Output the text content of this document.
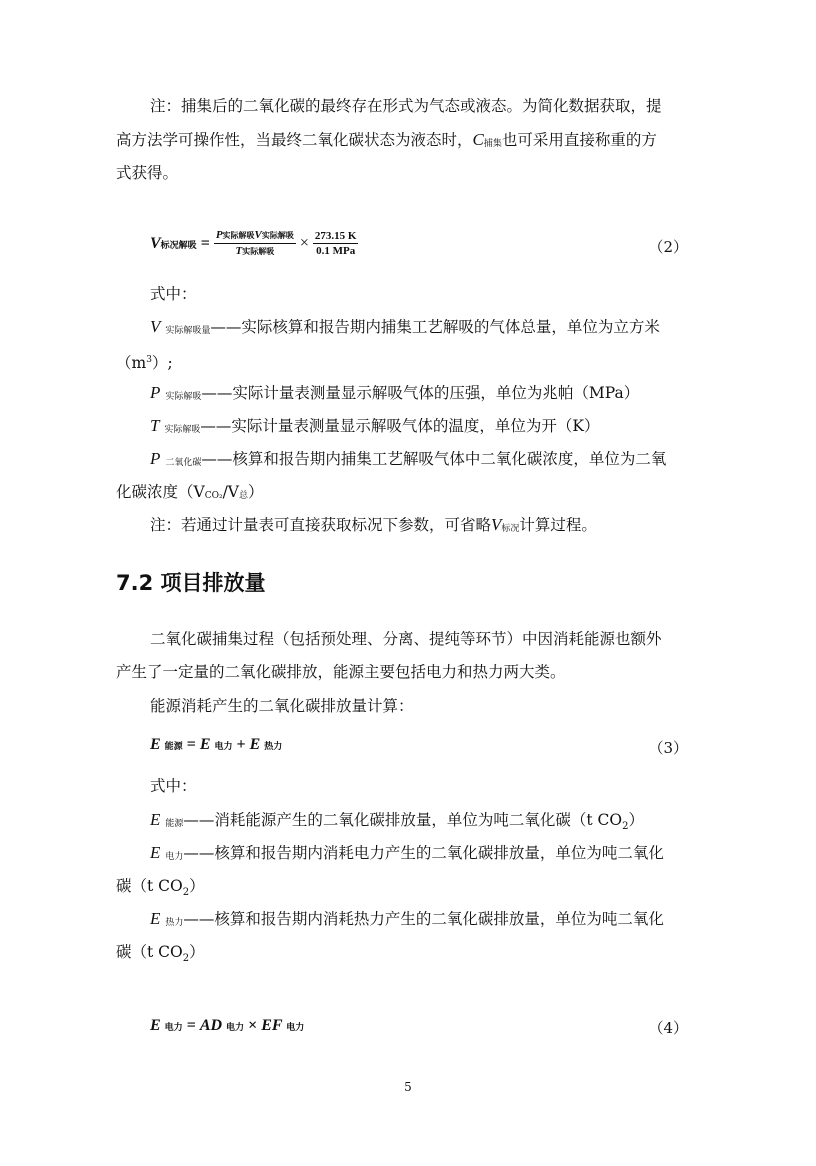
注：捕集后的二氧化碳的最终存在形式为气态或液态。为简化数据获取，提
高方法学可操作性，当最终二氧化碳状态为液态时，C捕集也可采用直接称重的方
式获得。
V标况解吸 = $\frac{\text{P实际解吸V实际解吸}}{\text{T实际解吸}} \times \frac{273.15 K}{\text{0.1 MPa}}$	（2）
式中：
V 实际解吸量——实际核算和报告期内捕集工艺解吸的气体总量，单位为立方米
$(m^3)$;
P 实际解吸——实际计量表测量显示解吸气体的压强，单位为兆帕（MPa）
T 实际解吸——实际计量表测量显示解吸气体的温度，单位为开（K）
P 二氧化碳——核算和报告期内捕集工艺解吸气体中二氧化碳浓度，单位为二氧
化碳浓度（VCO₂/V总）
注：若通过计量表可直接获取标况下参数，可省略V标况计算过程。
7.2 项目排放量
二氧化碳捕集过程（包括预处理、分离、提纯等环节）中因消耗能源也额外
产生了一定量的二氧化碳排放，能源主要包括电力和热力两大类。
能源消耗产生的二氧化碳排放量计算：
E 能源 = E 电力 + E 热力	（3）
式中：
E 能源——消耗能源产生的二氧化碳排放量，单位为吨二氧化碳（t $CO_2$）
E 电力——核算和报告期内消耗电力产生的二氧化碳排放量，单位为吨二氧化
碳（t $CO_2$）
E 热力——核算和报告期内消耗热力产生的二氧化碳排放量，单位为吨二氧化
碳（t $CO_2$）
E 电力 = AD 电力 × EF 电力	（4）
5
